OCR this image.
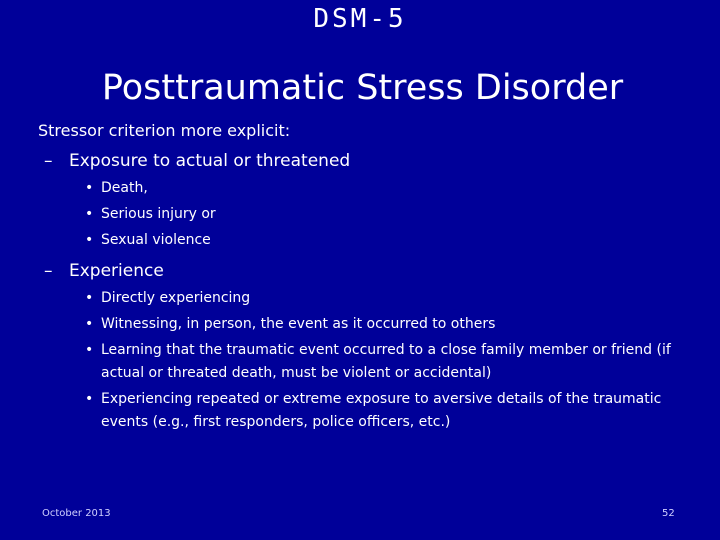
DSM-5
Posttraumatic Stress Disorder

Stressor criterion more explicit:

– Exposure to actual or threatened
• Death,
• Serious injury or
• Sexual violence
– Experience
• Directly experiencing
• Witnessing, in person, the event as it occurred to others
• Learning that the traumatic event occurred to a close family member or friend (if actual or threated death, must be violent or accidental)
• Experiencing repeated or extreme exposure to aversive details of the traumatic events (e.g., first responders, police officers, etc.)
October 2013	52
